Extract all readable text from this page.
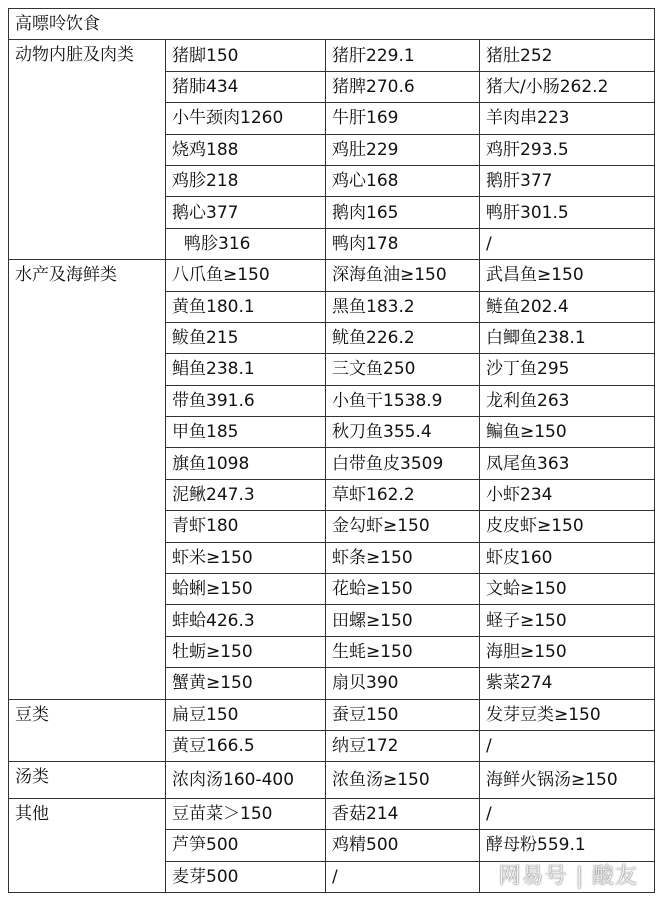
高嘌呤饮食			
动物内脏及肉类	猪脚150	猪肝229.1	猪肚252
	猪肺434	猪脾270.6	猪大/小肠262.2
	小牛颈肉1260	牛肝169	羊肉串223
	烧鸡188	鸡肚229	鸡肝293.5
	鸡胗218	鸡心168	鹅肝377
	鹅心377	鹅肉165	鸭肝301.5
	鸭胗316	鸭肉178	/
水产及海鲜类	八爪鱼≥150	深海鱼油≥150	武昌鱼≥150
	黄鱼180.1	黑鱼183.2	鲢鱼202.4
	鲅鱼215	鱿鱼226.2	白鲫鱼238.1
	鲳鱼238.1	三文鱼250	沙丁鱼295
	带鱼391.6	小鱼干1538.9	龙利鱼263
	甲鱼185	秋刀鱼355.4	鳊鱼≥150
	旗鱼1098	白带鱼皮3509	凤尾鱼363
	泥鳅247.3	草虾162.2	小虾234
	青虾180	金勾虾≥150	皮皮虾≥150
	虾米≥150	虾条≥150	虾皮160
	蛤蜊≥150	花蛤≥150	文蛤≥150
	蚌蛤426.3	田螺≥150	蛏子≥150
	牡蛎≥150	生蚝≥150	海胆≥150
	蟹黄≥150	扇贝390	紫菜274
豆类	扁豆150	蚕豆150	发芽豆类≥150
	黄豆166.5	纳豆172	/
汤类	浓肉汤160-400	浓鱼汤≥150	海鲜火锅汤≥150
其他	豆苗菜＞150	香菇214	/
	芦笋500	鸡精500	酵母粉559.1
	麦芽500	/		网易号 | 酸友
